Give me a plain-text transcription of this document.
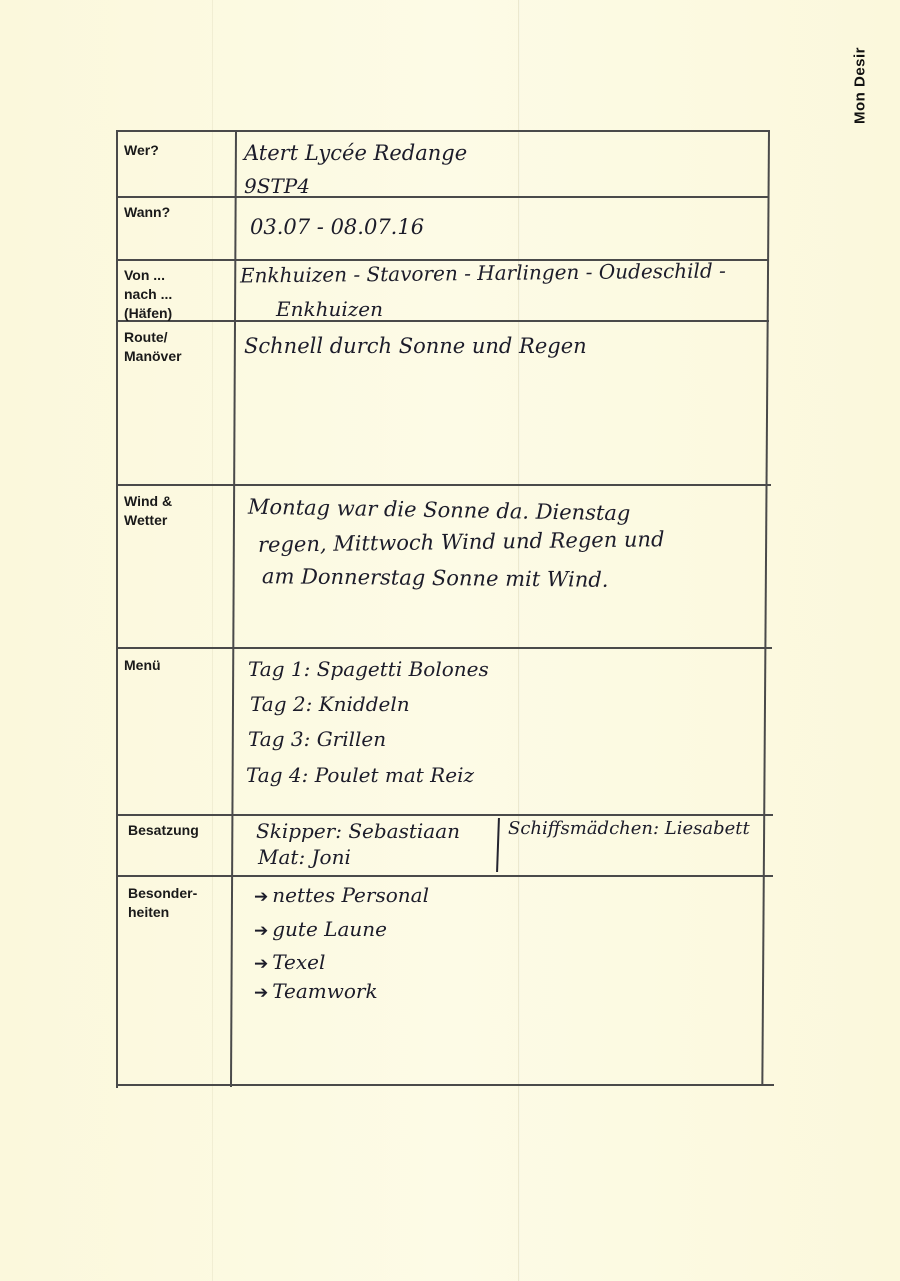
Mon Desir
Wer?
Wann?
Von ...
nach ...
(Häfen)
Route/
Manöver
Wind &
Wetter
Menü
Besatzung
Besonder-
heiten
Atert Lycée Redange
9STP4
03.07 - 08.07.16
Enkhuizen - Stavoren - Harlingen - Oudeschild -
Enkhuizen
Schnell durch Sonne und Regen
Montag war die Sonne da. Dienstag
regen, Mittwoch Wind und Regen und
am Donnerstag Sonne mit Wind.
Tag 1: Spagetti Bolones
Tag 2: Kniddeln
Tag 3: Grillen
Tag 4: Poulet mat Reiz
Skipper: Sebastiaan
Mat: Joni
Schiffsmädchen: Liesabett
➔ nettes Personal
➔ gute Laune
➔ Texel
➔ Teamwork
